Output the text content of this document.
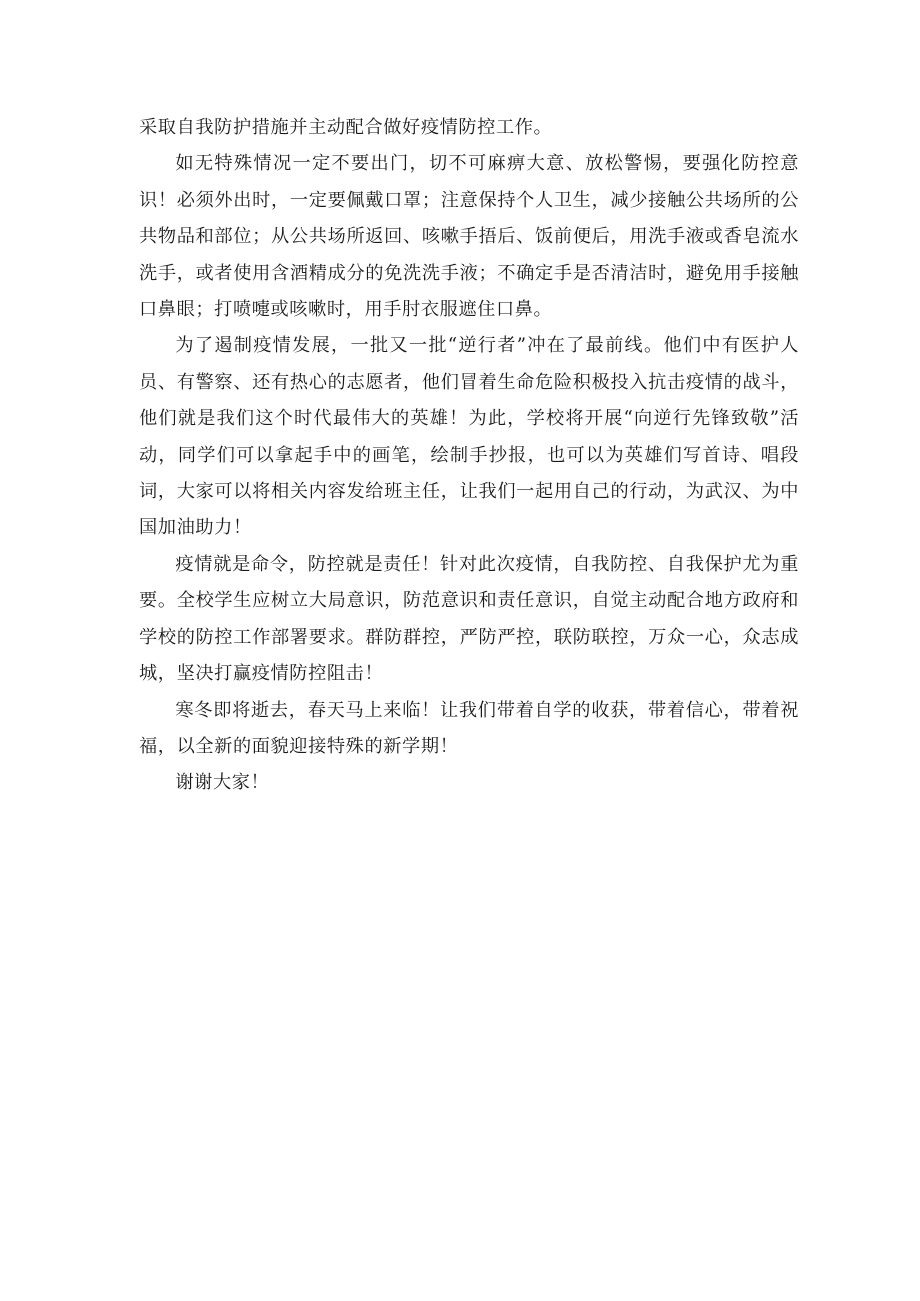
采取自我防护措施并主动配合做好疫情防控工作。

如无特殊情况一定不要出门，切不可麻痹大意、放松警惕，要强化防控意识！必须外出时，一定要佩戴口罩；注意保持个人卫生，减少接触公共场所的公共物品和部位；从公共场所返回、咳嗽手捂后、饭前便后，用洗手液或香皂流水洗手，或者使用含酒精成分的免洗洗手液；不确定手是否清洁时，避免用手接触口鼻眼；打喷嚏或咳嗽时，用手肘衣服遮住口鼻。

为了遏制疫情发展，一批又一批“逆行者”冲在了最前线。他们中有医护人员、有警察、还有热心的志愿者，他们冒着生命危险积极投入抗击疫情的战斗，他们就是我们这个时代最伟大的英雄！为此，学校将开展“向逆行先锋致敬”活动，同学们可以拿起手中的画笔，绘制手抄报，也可以为英雄们写首诗、唱段词，大家可以将相关内容发给班主任，让我们一起用自己的行动，为武汉、为中国加油助力！

疫情就是命令，防控就是责任！针对此次疫情，自我防控、自我保护尤为重要。全校学生应树立大局意识，防范意识和责任意识，自觉主动配合地方政府和学校的防控工作部署要求。群防群控，严防严控，联防联控，万众一心，众志成城，坚决打赢疫情防控阻击！

寒冬即将逝去，春天马上来临！让我们带着自学的收获，带着信心，带着祝福，以全新的面貌迎接特殊的新学期！

谢谢大家！
